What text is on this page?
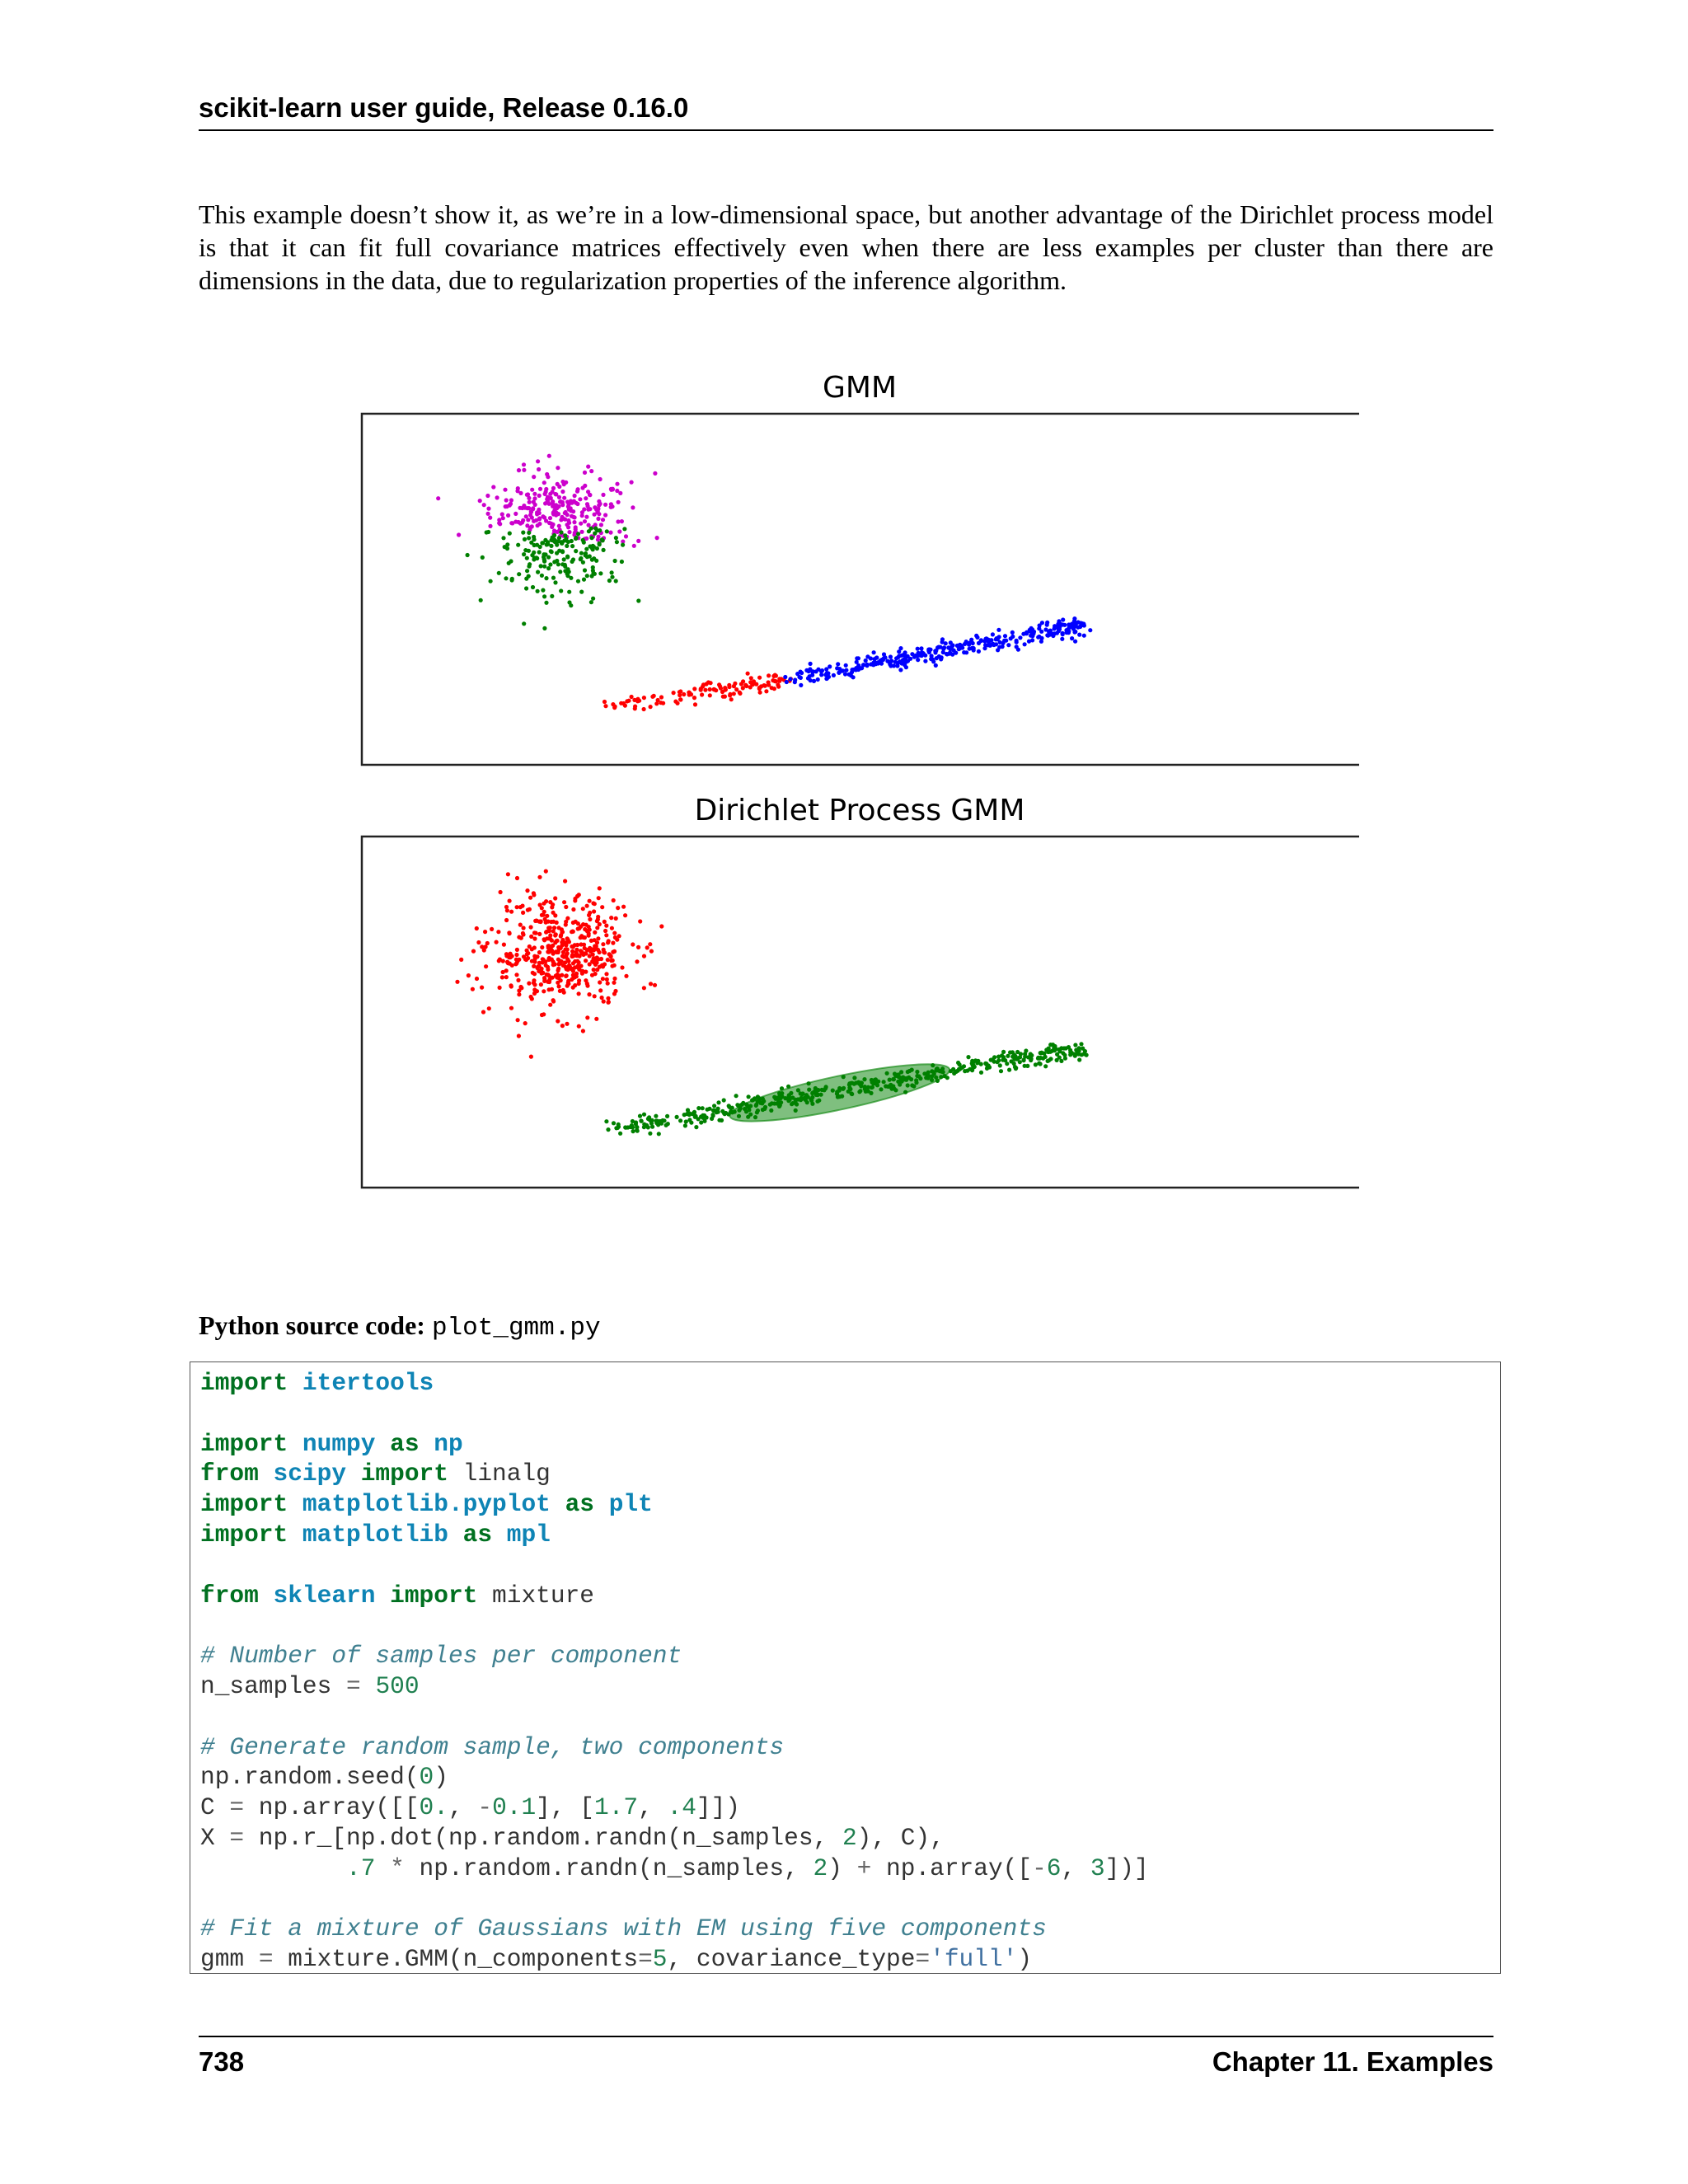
scikit-learn user guide, Release 0.16.0
This example doesn’t show it, as we’re in a low-dimensional space, but another advantage of the Dirichlet process model is that it can fit full covariance matrices effectively even when there are less examples per cluster than there are dimensions in the data, due to regularization properties of the inference algorithm.
GMM
Dirichlet Process GMM
Python source code: plot_gmm.py
import itertools
import numpy as np
from scipy import linalg
import matplotlib.pyplot as plt
import matplotlib as mpl
from sklearn import mixture
# Number of samples per component
n_samples = 500
# Generate random sample, two components
np.random.seed(0)
C = np.array([[0., -0.1], [1.7, .4]])
X = np.r_[np.dot(np.random.randn(n_samples, 2), C),
.7 * np.random.randn(n_samples, 2) + np.array([-6, 3])]
# Fit a mixture of Gaussians with EM using five components
gmm = mixture.GMM(n_components=5, covariance_type='full')
738	Chapter 11. Examples
